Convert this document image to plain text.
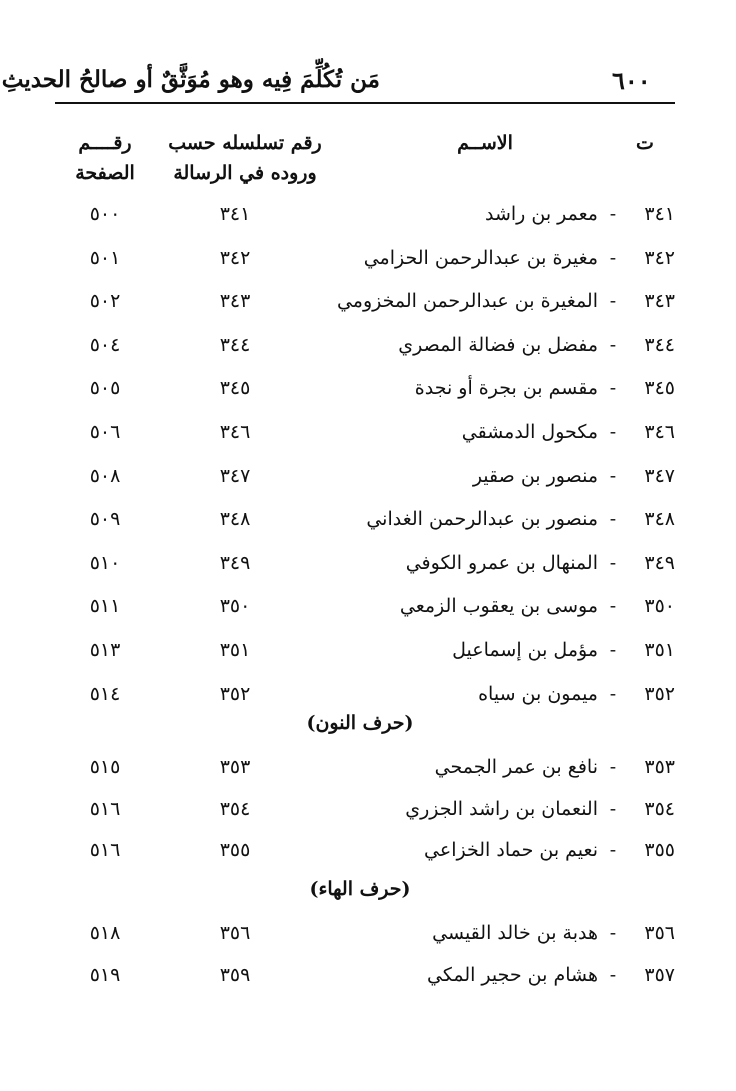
٦٠٠
مَن تُكُلِّمَ فِيه وهو مُوَثَّقٌ أو صالحُ الحديثِ
ت
الاســم
رقم تسلسله حسب
وروده في الرسالة
رقــــم
الصفحة
٣٤١
-
معمر بن راشد
٣٤١
٥٠٠
٣٤٢
-
مغيرة بن عبدالرحمن الحزامي
٣٤٢
٥٠١
٣٤٣
-
المغيرة بن عبدالرحمن المخزومي
٣٤٣
٥٠٢
٣٤٤
-
مفضل بن فضالة المصري
٣٤٤
٥٠٤
٣٤٥
-
مقسم بن بجرة أو نجدة
٣٤٥
٥٠٥
٣٤٦
-
مكحول الدمشقي
٣٤٦
٥٠٦
٣٤٧
-
منصور بن صقير
٣٤٧
٥٠٨
٣٤٨
-
منصور بن عبدالرحمن الغداني
٣٤٨
٥٠٩
٣٤٩
-
المنهال بن عمرو الكوفي
٣٤٩
٥١٠
٣٥٠
-
موسى بن يعقوب الزمعي
٣٥٠
٥١١
٣٥١
-
مؤمل بن إسماعيل
٣٥١
٥١٣
٣٥٢
-
ميمون بن سياه
٣٥٢
٥١٤
(حرف النون)
٣٥٣
-
نافع بن عمر الجمحي
٣٥٣
٥١٥
٣٥٤
-
النعمان بن راشد الجزري
٣٥٤
٥١٦
٣٥٥
-
نعيم بن حماد الخزاعي
٣٥٥
٥١٦
(حرف الهاء)
٣٥٦
-
هدبة بن خالد القيسي
٣٥٦
٥١٨
٣٥٧
-
هشام بن حجير المكي
٣٥٩
٥١٩
